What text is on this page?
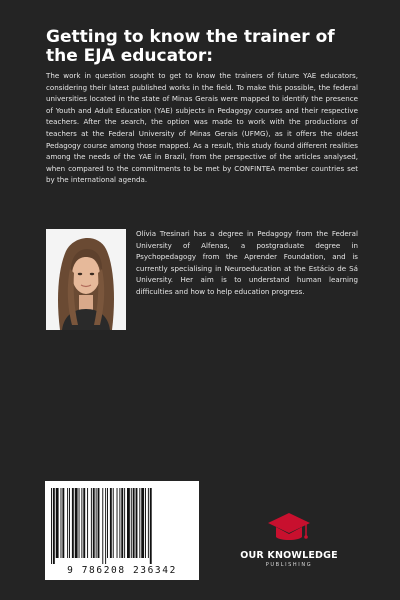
Getting to know the trainer of the EJA educator:
The work in question sought to get to know the trainers of future YAE educators, considering their latest published works in the field. To make this possible, the federal universities located in the state of Minas Gerais were mapped to identify the presence of Youth and Adult Education (YAE) subjects in Pedagogy courses and their respective teachers. After the search, the option was made to work with the productions of teachers at the Federal University of Minas Gerais (UFMG), as it offers the oldest Pedagogy course among those mapped. As a result, this study found different realities among the needs of the YAE in Brazil, from the perspective of the articles analysed, when compared to the commitments to be met by CONFINTEA member countries set by the international agenda.
Olívia Tresinari has a degree in Pedagogy from the Federal University of Alfenas, a postgraduate degree in Psychopedagogy from the Aprender Foundation, and is currently specialising in Neuroeducation at the Estácio de Sá University. Her aim is to understand human learning difficulties and how to help education progress.
9 786208 236342
OUR KNOWLEDGE
PUBLISHING
